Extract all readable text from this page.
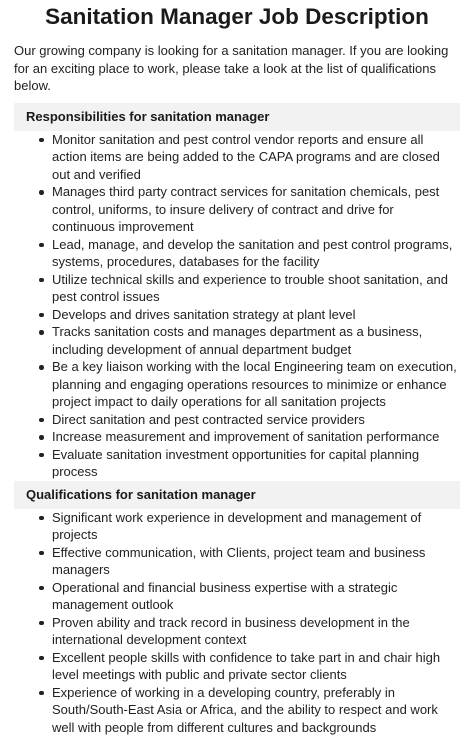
Sanitation Manager Job Description

Our growing company is looking for a sanitation manager. If you are looking for an exciting place to work, please take a look at the list of qualifications below.

Responsibilities for sanitation manager
Monitor sanitation and pest control vendor reports and ensure all action items are being added to the CAPA programs and are closed out and verified
Manages third party contract services for sanitation chemicals, pest control, uniforms, to insure delivery of contract and drive for continuous improvement
Lead, manage, and develop the sanitation and pest control programs, systems, procedures, databases for the facility
Utilize technical skills and experience to trouble shoot sanitation, and pest control issues
Develops and drives sanitation strategy at plant level
Tracks sanitation costs and manages department as a business, including development of annual department budget
Be a key liaison working with the local Engineering team on execution, planning and engaging operations resources to minimize or enhance project impact to daily operations for all sanitation projects
Direct sanitation and pest contracted service providers
Increase measurement and improvement of sanitation performance
Evaluate sanitation investment opportunities for capital planning process
Qualifications for sanitation manager
Significant work experience in development and management of projects
Effective communication, with Clients, project team and business managers
Operational and financial business expertise with a strategic management outlook
Proven ability and track record in business development in the international development context
Excellent people skills with confidence to take part in and chair high level meetings with public and private sector clients
Experience of working in a developing country, preferably in South/South-East Asia or Africa, and the ability to respect and work well with people from different cultures and backgrounds
